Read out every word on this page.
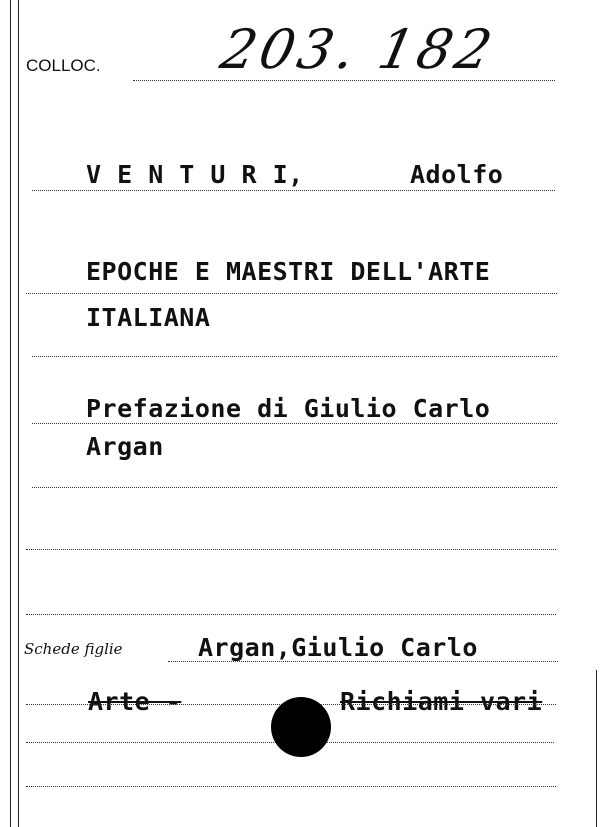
COLLOC. 203. 182
V E N T U R I,	Adolfo
EPOCHE E MAESTRI DELL'ARTE
ITALIANA
Prefazione di Giulio Carlo
Argan
Schede figlie	Argan,Giulio Carlo
Arte -	Richiami vari
